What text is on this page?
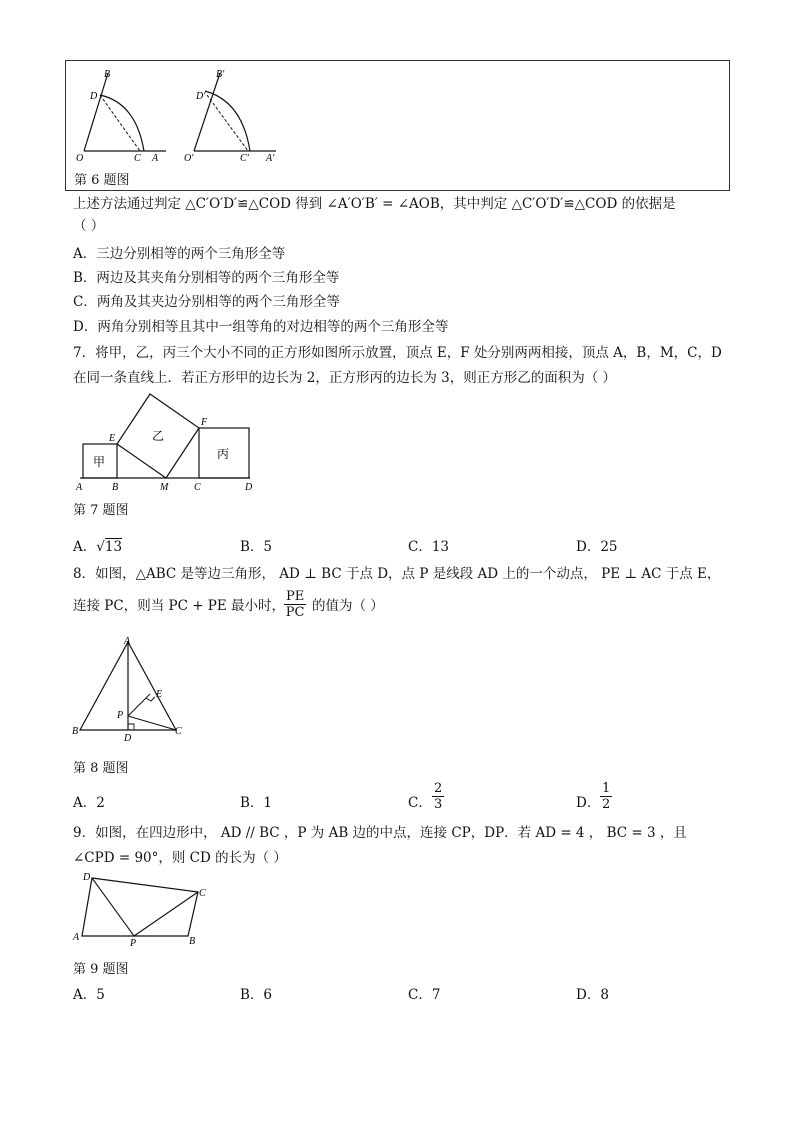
B
D
O	C A
B′
D′
O′	C′ A′
第 6 题图
上述方法通过判定 △C′O′D′≌△COD 得到 ∠A′O′B′ = ∠AOB，其中判定 △C′O′D′≌△COD 的依据是
（ ）
A．三边分别相等的两个三角形全等
B．两边及其夹角分别相等的两个三角形全等
C．两角及其夹边分别相等的两个三角形全等
D．两角分别相等且其中一组等角的对边相等的两个三角形全等
7．将甲，乙，丙三个大小不同的正方形如图所示放置，顶点 E，F 处分别两两相接，顶点 A，B，M，C，D
在同一条直线上．若正方形甲的边长为 2，正方形丙的边长为 3，则正方形乙的面积为（ ）
甲
乙
丙
E
F
A	B	M	C	D
第 7 题图
A．√13	B．5	C．13	D．25
8．如图，△ABC 是等边三角形， AD ⊥ BC 于点 D，点 P 是线段 AD 上的一个动点， PE ⊥ AC 于点 E，
连接 PC，则当 PC + PE 最小时，
$\frac{PE}{PC}$ 的值为（ ）
A
B	C
D
E
P
第 8 题图
A．2	B．1	C． $\frac{2}{3}$	D． $\frac{1}{2}$
9．如图，在四边形中， AD // BC ，P 为 AB 边的中点，连接 CP，DP．若 AD = 4 ， BC = 3 ，且
∠CPD = 90°，则 CD 的长为（ ）
D
C
A
P	B
第 9 题图
A．5	B．6	C．7	D．8
